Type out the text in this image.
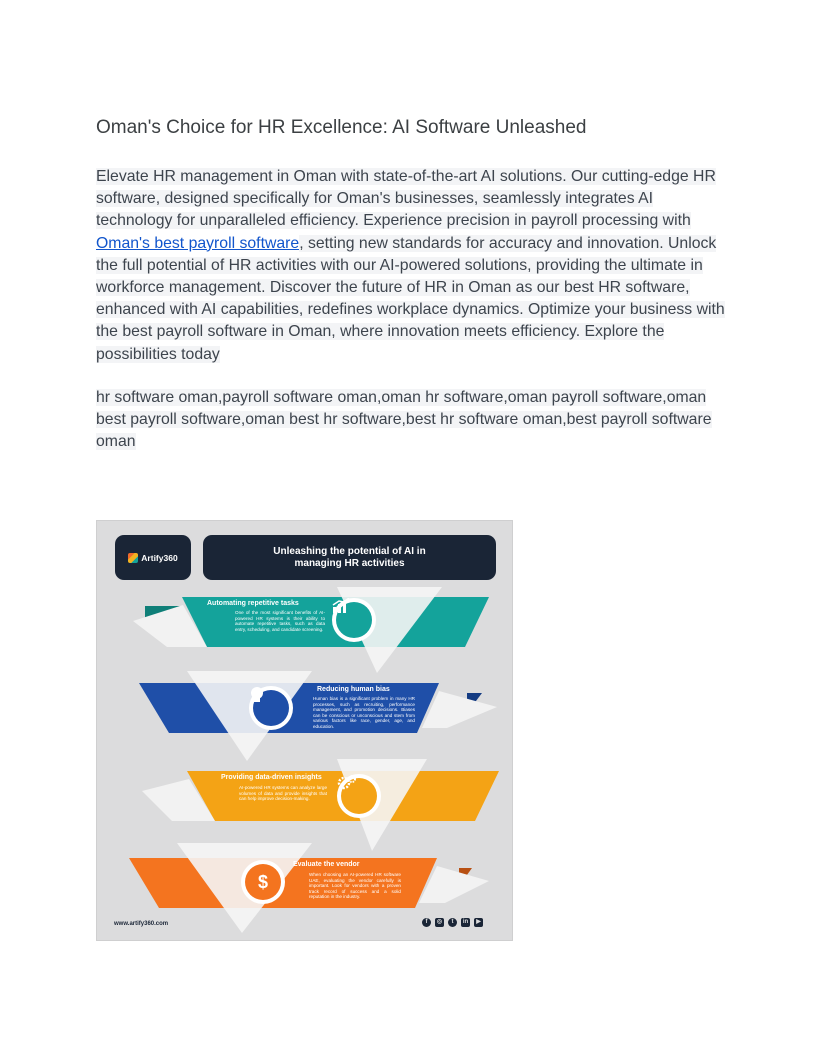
Oman's Choice for HR Excellence: AI Software Unleashed

Elevate HR management in Oman with state-of-the-art AI solutions. Our cutting-edge HR software, designed specifically for Oman's businesses, seamlessly integrates AI technology for unparalleled efficiency. Experience precision in payroll processing with Oman's best payroll software, setting new standards for accuracy and innovation. Unlock the full potential of HR activities with our AI-powered solutions, providing the ultimate in workforce management. Discover the future of HR in Oman as our best HR software, enhanced with AI capabilities, redefines workplace dynamics. Optimize your business with the best payroll software in Oman, where innovation meets efficiency. Explore the possibilities today

hr software oman,payroll software oman,oman hr software,oman payroll software,oman best payroll software,oman best hr software,best hr software oman,best payroll software oman

Artify360
Unleashing the potential of AI in managing HR activities
Automating repetitive tasks
One of the most significant benefits of AI-powered HR systems is their ability to automate repetitive tasks, such as data entry, scheduling, and candidate screening.
Reducing human bias
Human bias is a significant problem in many HR processes, such as recruiting, performance management, and promotion decisions. Biases can be conscious or unconscious and stem from various factors like race, gender, age, and education.
Providing data-driven insights
AI-powered HR systems can analyze large volumes of data and provide insights that can help improve decision-making.
$
Evaluate the vendor
When choosing an AI-powered HR software UAE, evaluating the vendor carefully is important. Look for vendors with a proven track record of success and a solid reputation in the industry.
www.artify360.com	f	◎	t	in	▶
